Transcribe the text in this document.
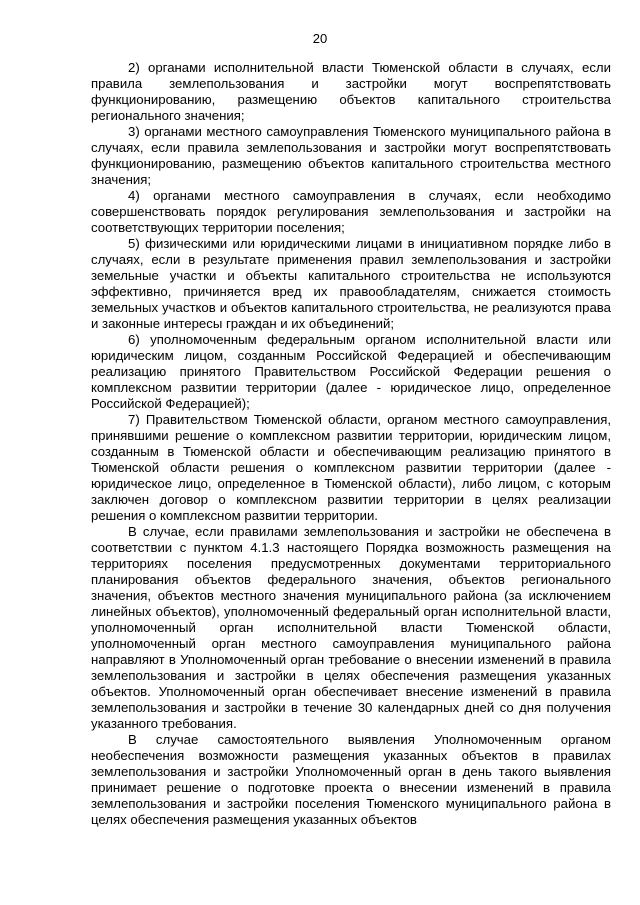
20

2) органами исполнительной власти Тюменской области в случаях, если правила землепользования и застройки могут воспрепятствовать функционированию, размещению объектов капитального строительства регионального значения;

3) органами местного самоуправления Тюменского муниципального района в случаях, если правила землепользования и застройки могут воспрепятствовать функционированию, размещению объектов капитального строительства местного значения;

4) органами местного самоуправления в случаях, если необходимо совершенствовать порядок регулирования землепользования и застройки на соответствующих территории поселения;

5) физическими или юридическими лицами в инициативном порядке либо в случаях, если в результате применения правил землепользования и застройки земельные участки и объекты капитального строительства не используются эффективно, причиняется вред их правообладателям, снижается стоимость земельных участков и объектов капитального строительства, не реализуются права и законные интересы граждан и их объединений;

6) уполномоченным федеральным органом исполнительной власти или юридическим лицом, созданным Российской Федерацией и обеспечивающим реализацию принятого Правительством Российской Федерации решения о комплексном развитии территории (далее - юридическое лицо, определенное Российской Федерацией);

7) Правительством Тюменской области, органом местного самоуправления, принявшими решение о комплексном развитии территории, юридическим лицом, созданным в Тюменской области и обеспечивающим реализацию принятого в Тюменской области решения о комплексном развитии территории (далее - юридическое лицо, определенное в Тюменской области), либо лицом, с которым заключен договор о комплексном развитии территории в целях реализации решения о комплексном развитии территории.

В случае, если правилами землепользования и застройки не обеспечена в соответствии с пунктом 4.1.3 настоящего Порядка возможность размещения на территориях поселения предусмотренных документами территориального планирования объектов федерального значения, объектов регионального значения, объектов местного значения муниципального района (за исключением линейных объектов), уполномоченный федеральный орган исполнительной власти, уполномоченный орган исполнительной власти Тюменской области, уполномоченный орган местного самоуправления муниципального района направляют в Уполномоченный орган требование о внесении изменений в правила землепользования и застройки в целях обеспечения размещения указанных объектов. Уполномоченный орган обеспечивает внесение изменений в правила землепользования и застройки в течение 30 календарных дней со дня получения указанного требования.

В случае самостоятельного выявления Уполномоченным органом необеспечения возможности размещения указанных объектов в правилах землепользования и застройки Уполномоченный орган в день такого выявления принимает решение о подготовке проекта о внесении изменений в правила землепользования и застройки поселения Тюменского муниципального района в целях обеспечения размещения указанных объектов
